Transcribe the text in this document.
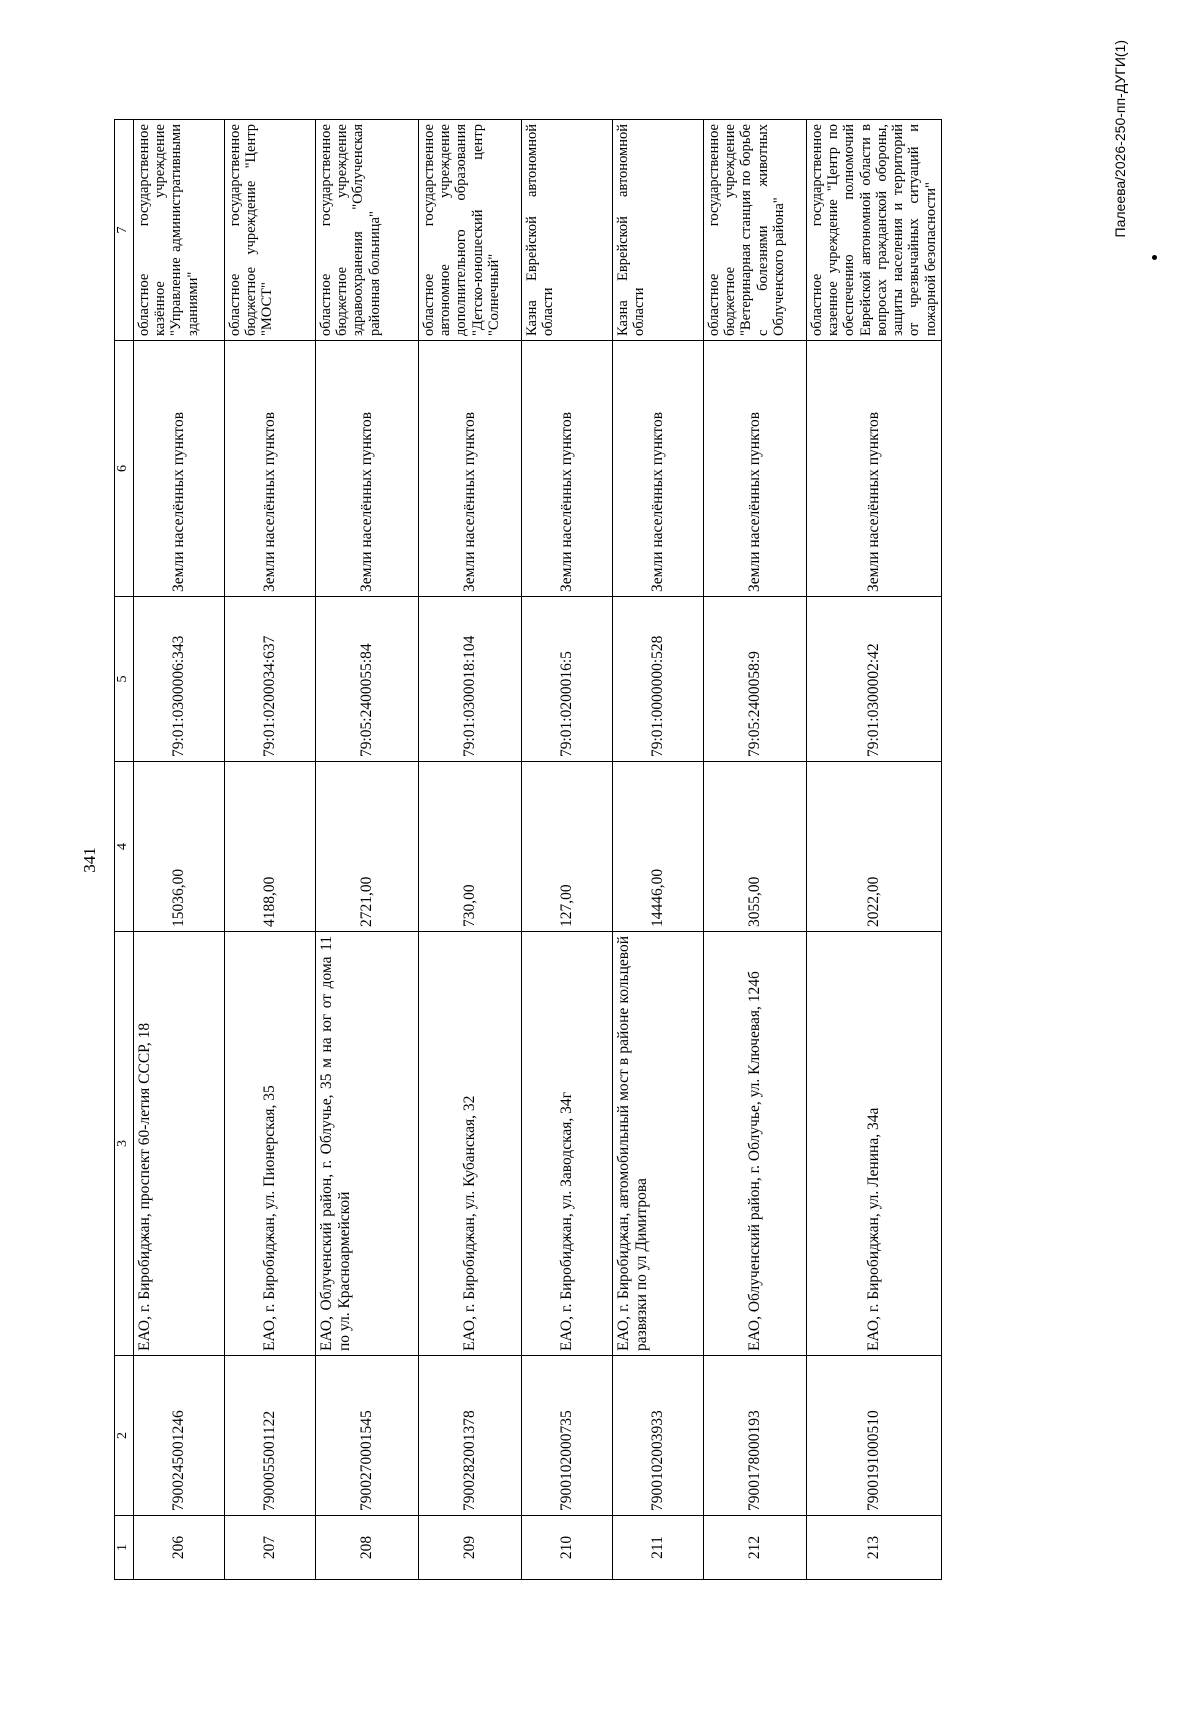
341
1	2	3	4	5	6	7
206	7900245001246	ЕАО, г. Биробиджан, проспект 60-летия СССР, 18	15036,00	79:01:0300006:343	Земли населённых пунктов	областное государственное казённое учреждение "Управление административными зданиями"
207	7900055001122	ЕАО, г. Биробиджан, ул. Пионерская, 35	4188,00	79:01:0200034:637	Земли населённых пунктов	областное государственное бюджетное учреждение "Центр "МОСТ"
208	7900270001545	ЕАО, Облученский район, г. Облучье, 35 м на юг от дома 11 по ул. Красноармейской	2721,00	79:05:2400055:84	Земли населённых пунктов	областное государственное бюджетное учреждение здравоохранения "Облученская районная больница"
209	7900282001378	ЕАО, г. Биробиджан, ул. Кубанская, 32	730,00	79:01:0300018:104	Земли населённых пунктов	областное государственное автономное учреждение дополнительного образования "Детско-юношеский центр "Солнечный"
210	7900102000735	ЕАО, г. Биробиджан, ул. Заводская, 34г	127,00	79:01:0200016:5	Земли населённых пунктов	Казна Еврейской автономной области
211	7900102003933	ЕАО, г. Биробиджан, автомобильный мост в районе кольцевой развязки по ул Димитрова	14446,00	79:01:0000000:528	Земли населённых пунктов	Казна Еврейской автономной области
212	7900178000193	ЕАО, Облученский район, г. Облучье, ул. Ключевая, 124б	3055,00	79:05:2400058:9	Земли населённых пунктов	областное государственное бюджетное учреждение "Ветеринарная станция по борьбе с болезнями животных Облученского района"
213	7900191000510	ЕАО, г. Биробиджан, ул. Ленина, 34а	2022,00	79:01:0300002:42	Земли населённых пунктов	областное государственное казенное учреждение "Центр по обеспечению полномочий Еврейской автономной области в вопросах гражданской обороны, защиты населения и территорий от чрезвычайных ситуаций и пожарной безопасности"
Палеева/2026-250-пп-ДУГИ(1)
